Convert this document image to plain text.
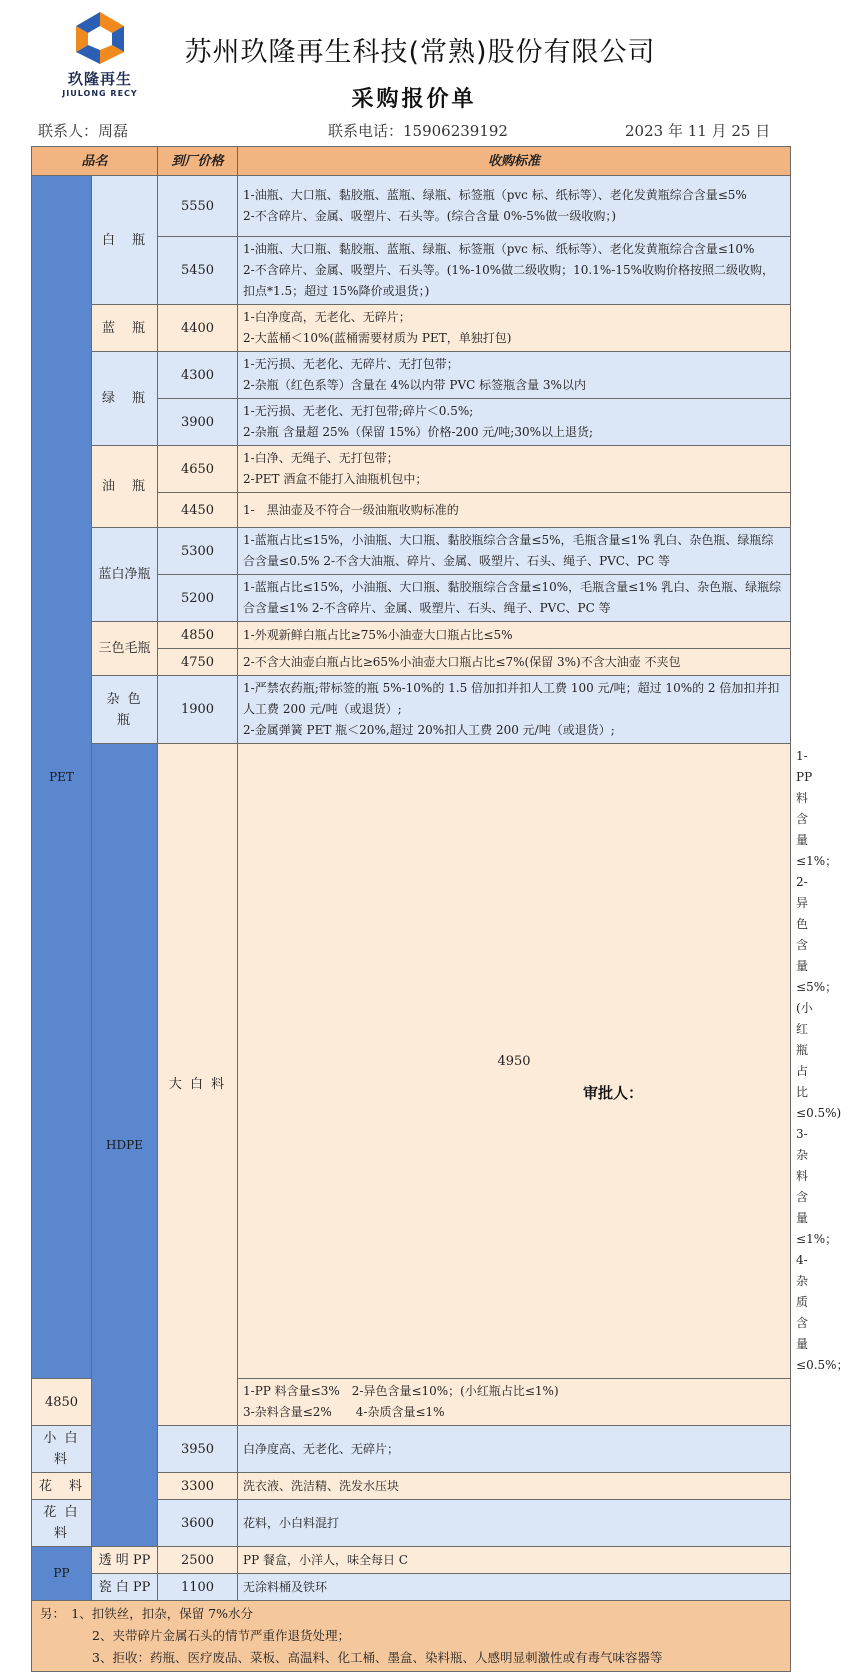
玖隆再生
JIULONG RECY
苏州玖隆再生科技(常熟)股份有限公司
采购报价单
联系人：周磊	联系电话：15906239192	2023 年 11 月 25 日
品名		到厂价格	收购标准	
PET	白　瓶	5550	1-油瓶、大口瓶、黏胶瓶、蓝瓶、绿瓶、标签瓶（pvc 标、纸标等）、老化发黄瓶综合含量≤5%
2-不含碎片、金属、吸塑片、石头等。(综合含量 0%-5%做一级收购；)	

		5450	1-油瓶、大口瓶、黏胶瓶、蓝瓶、绿瓶、标签瓶（pvc 标、纸标等）、老化发黄瓶综合含量≤10%
2-不含碎片、金属、吸塑片、石头等。(1%-10%做二级收购；10.1%-15%收购价格按照二级收购，扣点*1.5；超过 15%降价或退货；)	

	蓝　瓶	4400	1-白净度高，无老化、无碎片；
2-大蓝桶＜10%(蓝桶需要材质为 PET，单独打包)	

	绿　瓶	4300	1-无污损、无老化、无碎片、无打包带；
2-杂瓶（红色系等）含量在 4%以内带 PVC 标签瓶含量 3%以内	

		3900	1-无污损、无老化、无打包带;碎片＜0.5%;
2-杂瓶 含量超 25%（保留 15%）价格-200 元/吨;30%以上退货;	

	油　瓶	4650	1-白净、无绳子、无打包带；
2-PET 酒盒不能打入油瓶机包中；	

		4450	1-　黑油壶及不符合一级油瓶收购标准的	

	蓝白净瓶	5300	1-蓝瓶占比≤15%，小油瓶、大口瓶、黏胶瓶综合含量≤5%，毛瓶含量≤1% 乳白、杂色瓶、绿瓶综合含量≤0.5% 2-不含大油瓶、碎片、金属、吸塑片、石头、绳子、PVC、PC 等	

		5200	1-蓝瓶占比≤15%，小油瓶、大口瓶、黏胶瓶综合含量≤10%，毛瓶含量≤1% 乳白、杂色瓶、绿瓶综合含量≤1% 2-不含碎片、金属、吸塑片、石头、绳子、PVC、PC 等	

	三色毛瓶	4850	1-外观新鲜白瓶占比≥75%小油壶大口瓶占比≤5%	

		4750	2-不含大油壶白瓶占比≥65%小油壶大口瓶占比≤7%(保留 3%)不含大油壶 不夹包	

	杂 色 瓶	1900	1-严禁农药瓶;带标签的瓶 5%-10%的 1.5 倍加扣并扣人工费 100 元/吨；超过 10%的 2 倍加扣并扣人工费 200 元/吨（或退货）;
2-金属弹簧 PET 瓶＜20%,超过 20%扣人工费 200 元/吨（或退货）;	

	HDPE	大 白 料	4950	1-PP 料含量≤1%；2-异色含量≤5%；(小红瓶占比≤0.5%)
3-杂料含量≤1%；　4-杂质含量≤0.5%；

4850			1-PP 料含量≤3%　2-异色含量≤10%；(小红瓶占比≤1%)
3-杂料含量≤2%　　4-杂质含量≤1%	

小 白 料		3950	白净度高、无老化、无碎片；	

花　料		3300	洗衣液、洗洁精、洗发水压块	

花 白 料		3600	花料，小白料混打	

PP	透 明 PP	2500	PP 餐盒，小洋人，味全每日 C	

	瓷 白 PP	1100	无涂料桶及铁环	

另：　 1、扣铁丝，扣杂，保留 7%水分
2、夹带碎片金属石头的情节严重作退货处理；
3、拒收：药瓶、医疗废品、菜板、高温料、化工桶、墨盒、染料瓶、人感明显刺激性或有毒气味容器等				
审批人：
